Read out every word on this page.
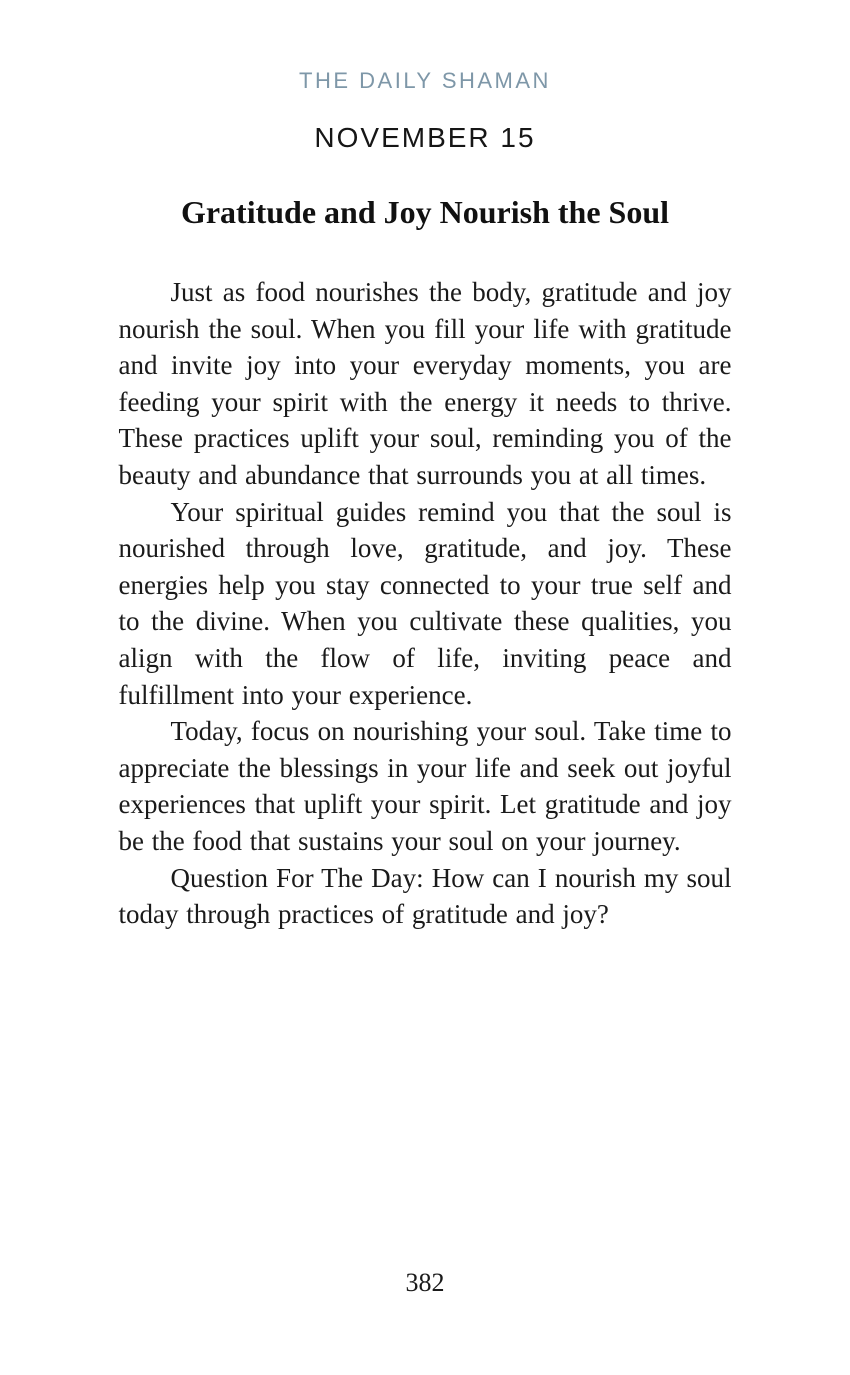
THE DAILY SHAMAN
NOVEMBER 15
Gratitude and Joy Nourish the Soul

Just as food nourishes the body, gratitude and joy nourish the soul. When you fill your life with gratitude and invite joy into your everyday moments, you are feeding your spirit with the energy it needs to thrive. These practices uplift your soul, reminding you of the beauty and abundance that surrounds you at all times.

Your spiritual guides remind you that the soul is nourished through love, gratitude, and joy. These energies help you stay connected to your true self and to the divine. When you cultivate these qualities, you align with the flow of life, inviting peace and fulfillment into your experience.

Today, focus on nourishing your soul. Take time to appreciate the blessings in your life and seek out joyful experiences that uplift your spirit. Let gratitude and joy be the food that sustains your soul on your journey.

Question For The Day: How can I nourish my soul today through practices of gratitude and joy?

382
